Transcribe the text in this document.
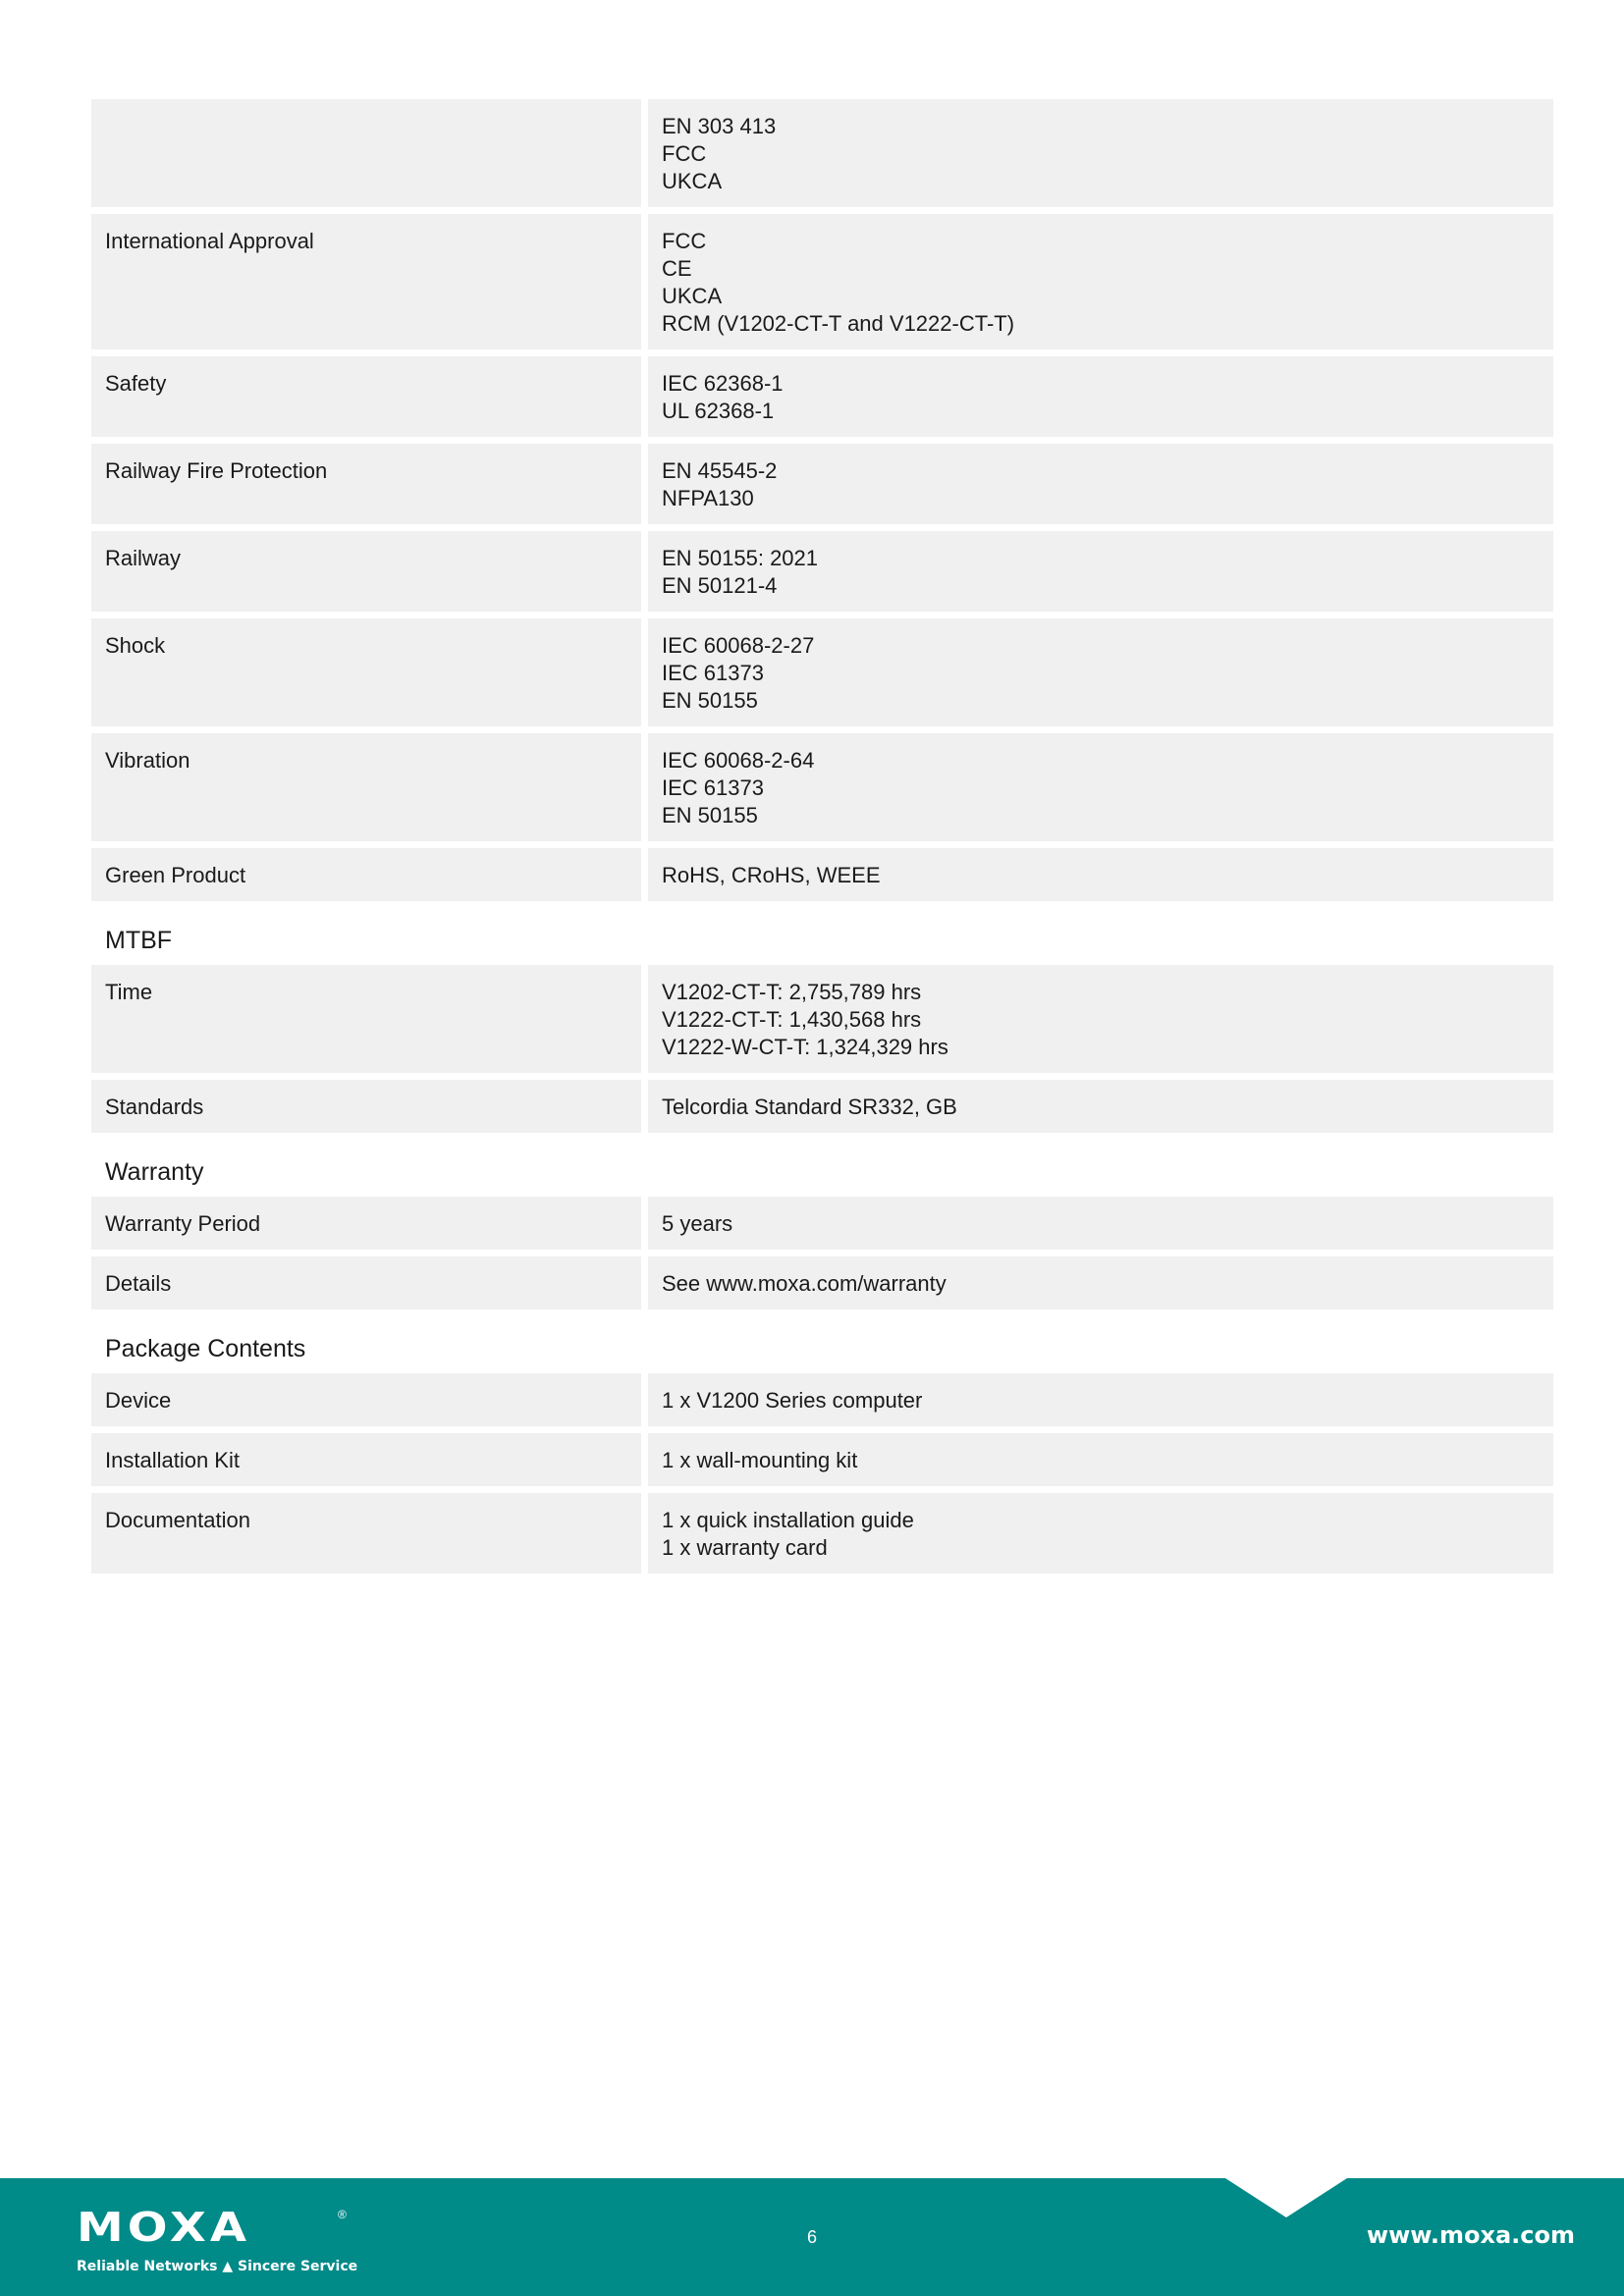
EN 303 413
FCC
UKCA
International Approval	FCC
CE
UKCA
RCM (V1202-CT-T and V1222-CT-T)
Safety	IEC 62368-1
UL 62368-1
Railway Fire Protection	EN 45545-2
NFPA130
Railway	EN 50155: 2021
EN 50121-4
Shock	IEC 60068-2-27
IEC 61373
EN 50155
Vibration	IEC 60068-2-64
IEC 61373
EN 50155
Green Product	RoHS, CRoHS, WEEE
MTBF
Time	V1202-CT-T: 2,755,789 hrs
V1222-CT-T: 1,430,568 hrs
V1222-W-CT-T: 1,324,329 hrs
Standards	Telcordia Standard SR332, GB
Warranty
Warranty Period	5 years
Details	See www.moxa.com/warranty
Package Contents
Device	1 x V1200 Series computer
Installation Kit	1 x wall-mounting kit
Documentation	1 x quick installation guide
1 x warranty card
MOXA	®
Reliable Networks ▲ Sincere Service
6	www.moxa.com
